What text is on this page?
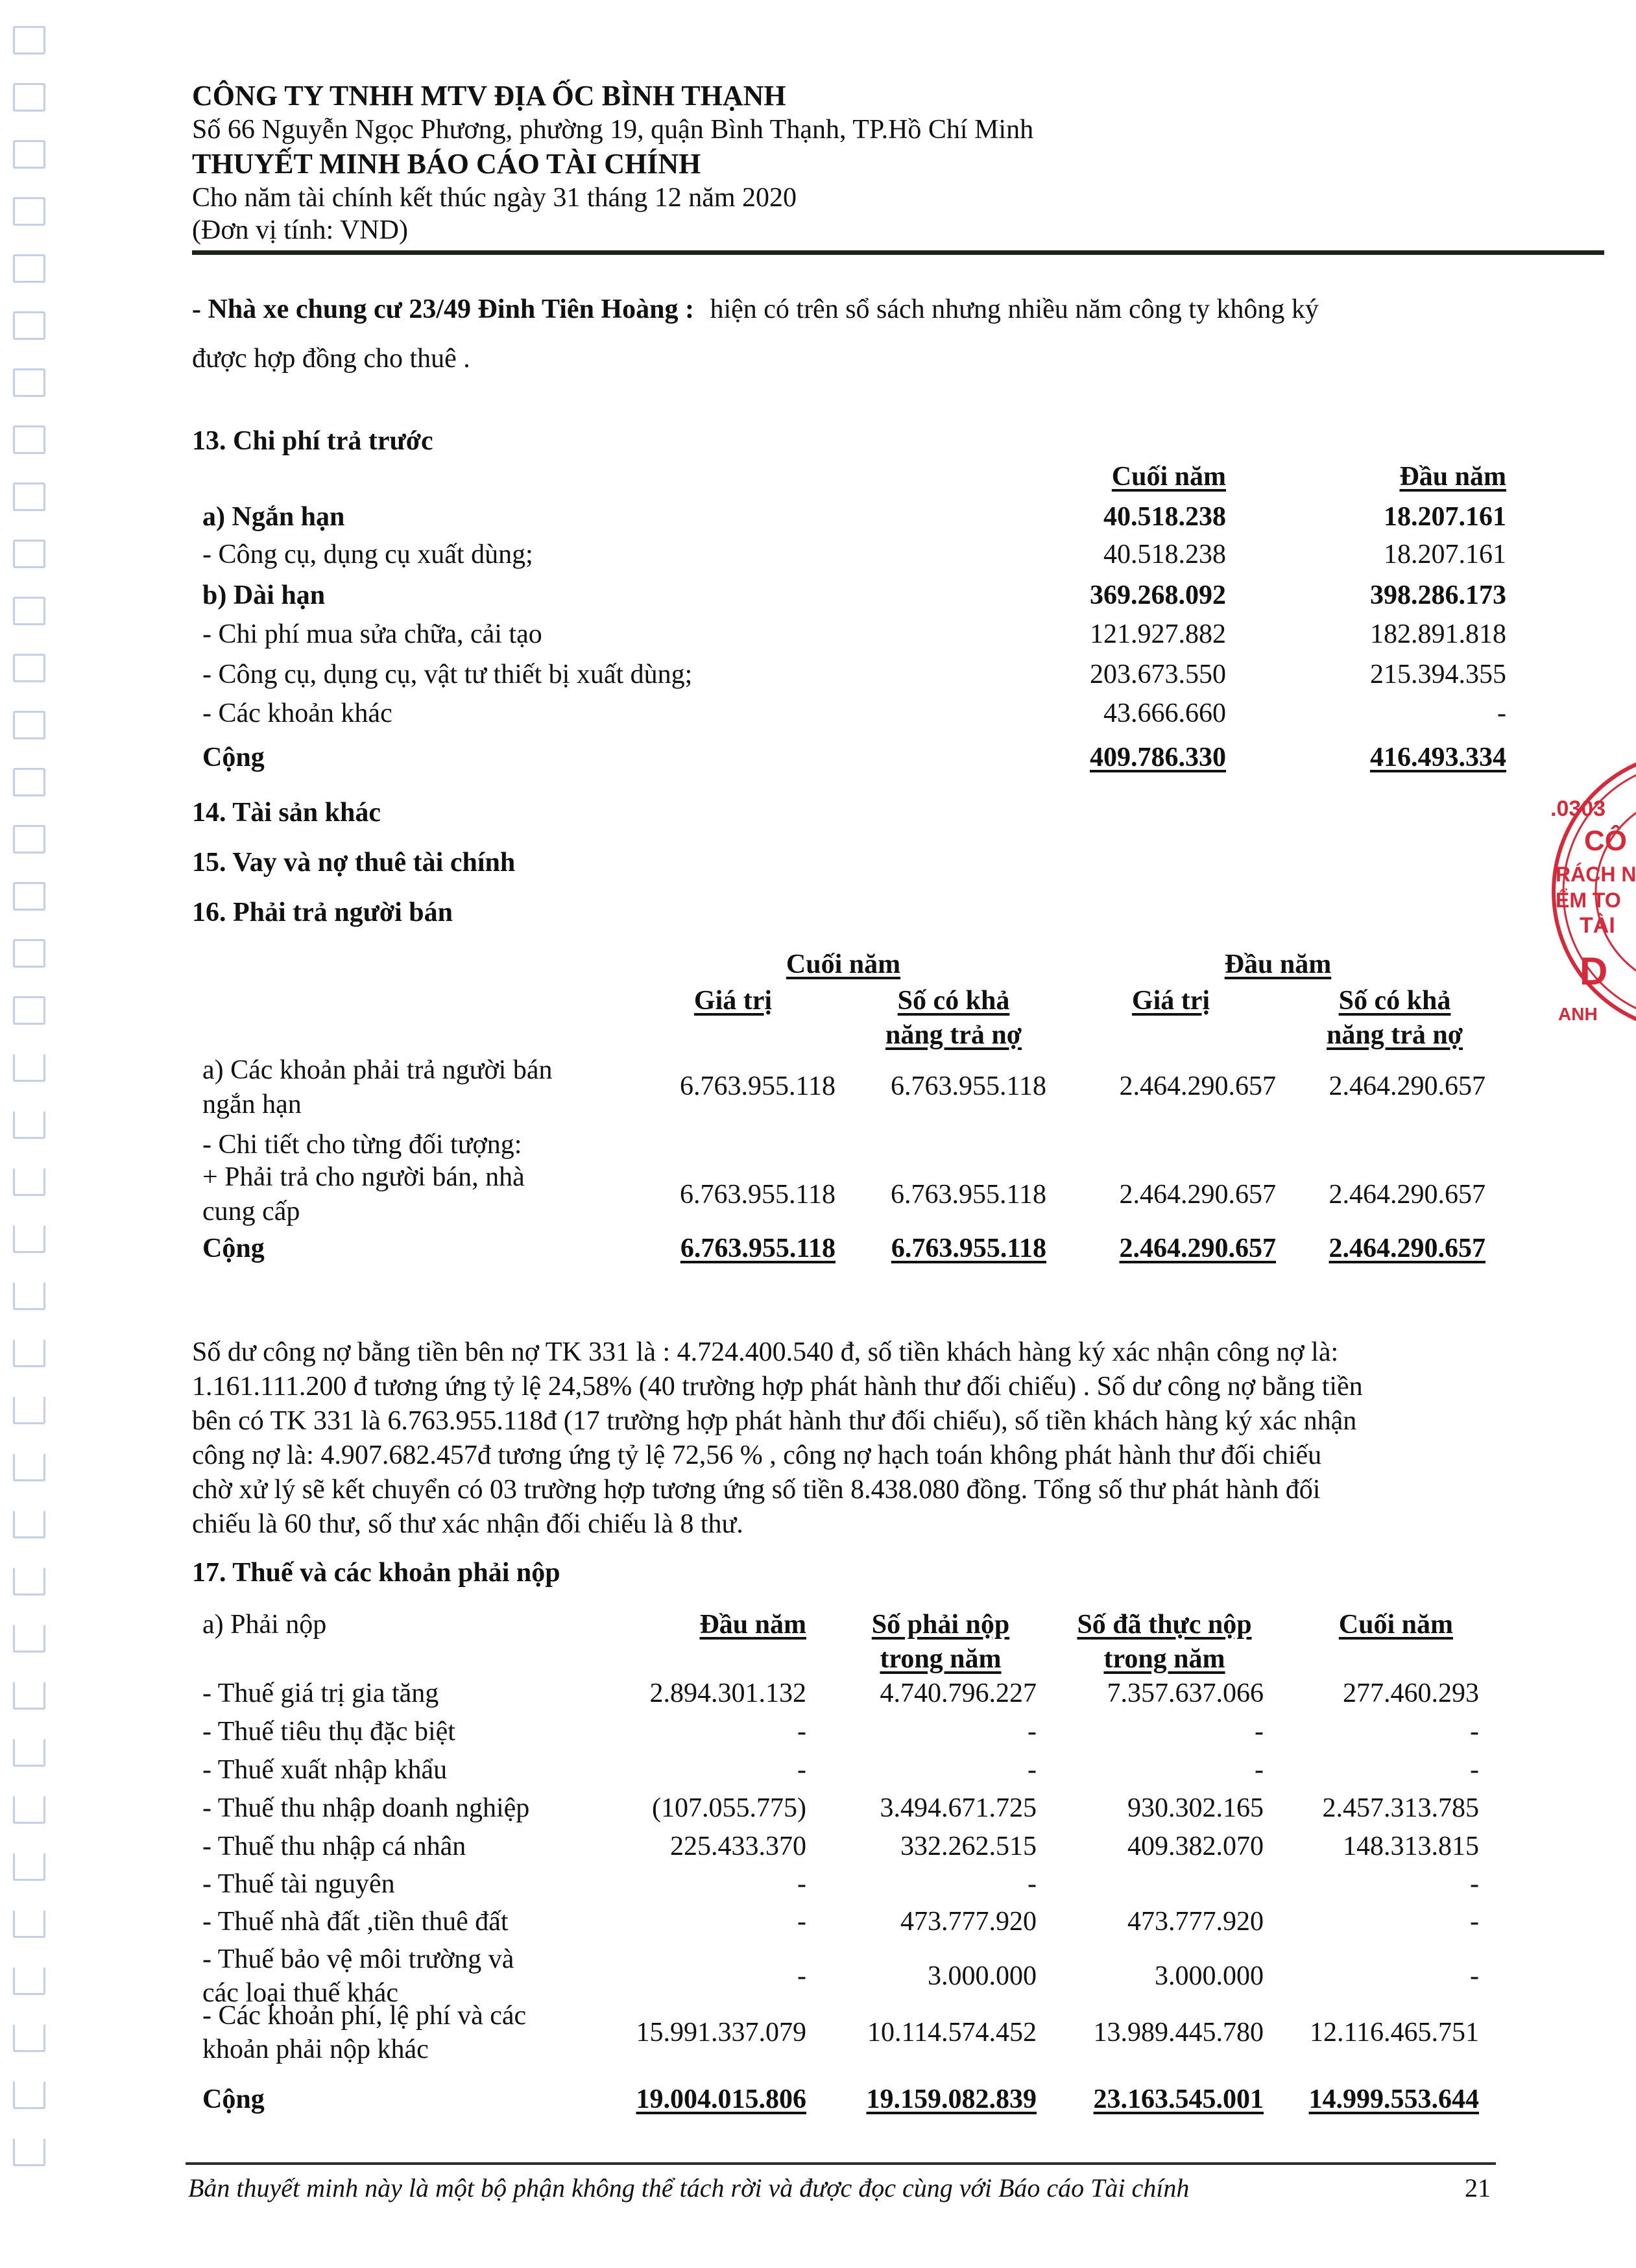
CÔNG TY TNHH MTV ĐỊA ỐC BÌNH THẠNH
Số 66 Nguyễn Ngọc Phương, phường 19, quận Bình Thạnh, TP.Hồ Chí Minh
THUYẾT MINH BÁO CÁO TÀI CHÍNH
Cho năm tài chính kết thúc ngày 31 tháng 12 năm 2020
(Đơn vị tính: VND)
- Nhà xe chung cư 23/49 Đinh Tiên Hoàng : hiện có trên sổ sách nhưng nhiều năm công ty không ký
được hợp đồng cho thuê .
13. Chi phí trả trước
Cuối năm	Đầu năm
a) Ngắn hạn	40.518.238	18.207.161
- Công cụ, dụng cụ xuất dùng;	40.518.238	18.207.161
b) Dài hạn	369.268.092	398.286.173
- Chi phí mua sửa chữa, cải tạo	121.927.882	182.891.818
- Công cụ, dụng cụ, vật tư thiết bị xuất dùng;	203.673.550	215.394.355
- Các khoản khác	43.666.660	-
Cộng	409.786.330	416.493.334
14. Tài sản khác
15. Vay và nợ thuê tài chính
16. Phải trả người bán
Cuối năm	Đầu năm
Giá trị	Số có khả
năng trả nợ
Giá trị	Số có khả
năng trả nợ
a) Các khoản phải trả người bán
ngắn hạn
6.763.955.118	6.763.955.118	2.464.290.657	2.464.290.657
- Chi tiết cho từng đối tượng:
+ Phải trả cho người bán, nhà
cung cấp
6.763.955.118	6.763.955.118	2.464.290.657	2.464.290.657
Cộng	6.763.955.118	6.763.955.118	2.464.290.657	2.464.290.657
Số dư công nợ bằng tiền bên nợ TK 331 là : 4.724.400.540 đ, số tiền khách hàng ký xác nhận công nợ là:
1.161.111.200 đ tương ứng tỷ lệ 24,58% (40 trường hợp phát hành thư đối chiếu) . Số dư công nợ bằng tiền
bên có TK 331 là 6.763.955.118đ (17 trường hợp phát hành thư đối chiếu), số tiền khách hàng ký xác nhận
công nợ là: 4.907.682.457đ tương ứng tỷ lệ 72,56 % , công nợ hạch toán không phát hành thư đối chiếu
chờ xử lý sẽ kết chuyển có 03 trường hợp tương ứng số tiền 8.438.080 đồng. Tổng số thư phát hành đối
chiếu là 60 thư, số thư xác nhận đối chiếu là 8 thư.
17. Thuế và các khoản phải nộp
a) Phải nộp	Đầu năm	Số phải nộp
trong năm
Số đã thực nộp
trong năm
Cuối năm
- Thuế giá trị gia tăng	2.894.301.132	4.740.796.227	7.357.637.066	277.460.293
- Thuế tiêu thụ đặc biệt	-	-	-	-
- Thuế xuất nhập khẩu	-	-	-	-
- Thuế thu nhập doanh nghiệp	(107.055.775)	3.494.671.725	930.302.165	2.457.313.785
- Thuế thu nhập cá nhân	225.433.370	332.262.515	409.382.070	148.313.815
- Thuế tài nguyên	-	-	-
- Thuế nhà đất ,tiền thuê đất	-	473.777.920	473.777.920	-
- Thuế bảo vệ môi trường và
các loại thuế khác
-	3.000.000	3.000.000	-
- Các khoản phí, lệ phí và các
khoản phải nộp khác
15.991.337.079	10.114.574.452	13.989.445.780	12.116.465.751
Cộng	19.004.015.806	19.159.082.839	23.163.545.001	14.999.553.644
Bản thuyết minh này là một bộ phận không thể tách rời và được đọc cùng với Báo cáo Tài chính	21
.0303
CÔ
RÁCH N
ỂM TO
TÀI
D
ANH
